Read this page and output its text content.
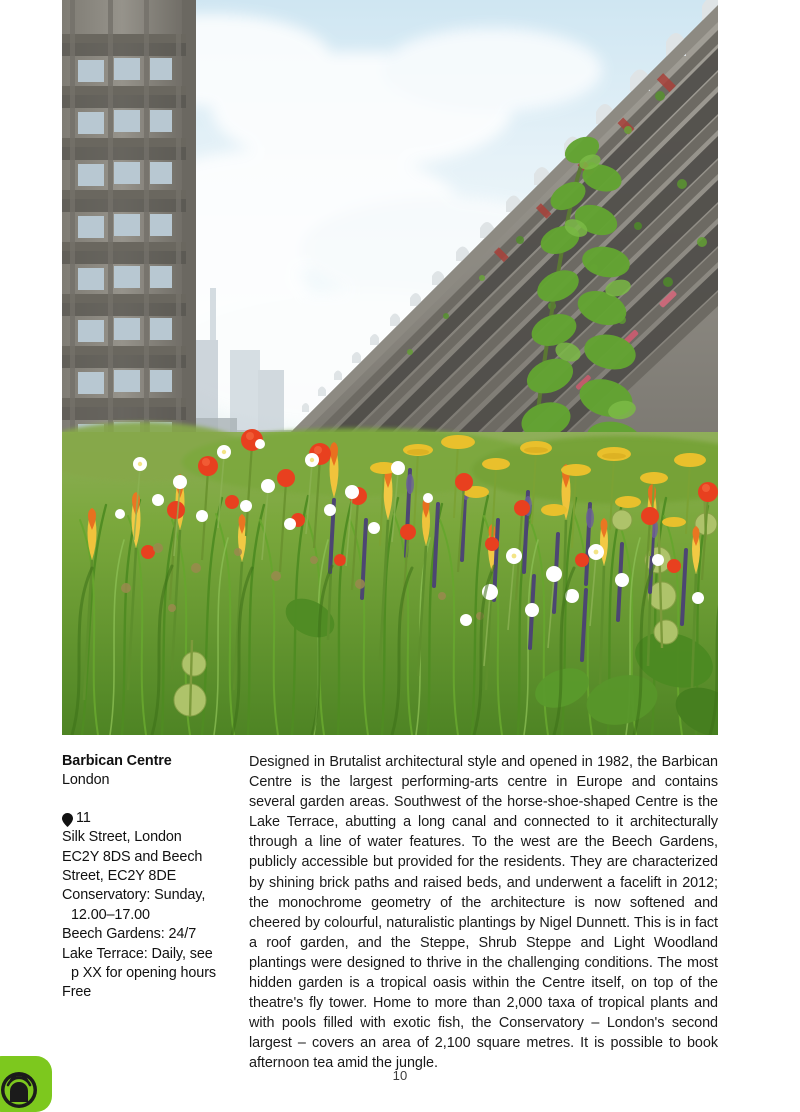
Barbican Centre
London
11
Silk Street, London
EC2Y 8DS and Beech
Street, EC2Y 8DE
Conservatory: Sunday,
12.00–17.00
Beech Gardens: 24/7
Lake Terrace: Daily, see
p XX for opening hours
Free

Designed in Brutalist architectural style and opened in 1982, the Barbican Centre is the largest performing-arts centre in Europe and contains several garden areas. Southwest of the horse-shoe-shaped Centre is the Lake Terrace, abutting a long canal and connected to it architecturally through a line of water features. To the west are the Beech Gardens, publicly accessible but provided for the residents. They are characterized by shining brick paths and raised beds, and underwent a facelift in 2012; the monochrome geometry of the architecture is now softened and cheered by colourful, naturalistic plantings by Nigel Dunnett. This is in fact a roof garden, and the Steppe, Shrub Steppe and Light Woodland plantings were designed to thrive in the challenging conditions. The most hidden garden is a tropical oasis within the Centre itself, on top of the theatre's fly tower. Home to more than 2,000 taxa of tropical plants and with pools filled with exotic fish, the Conservatory – London's second largest – covers an area of 2,100 square metres. It is possible to book afternoon tea amid the jungle.

10
